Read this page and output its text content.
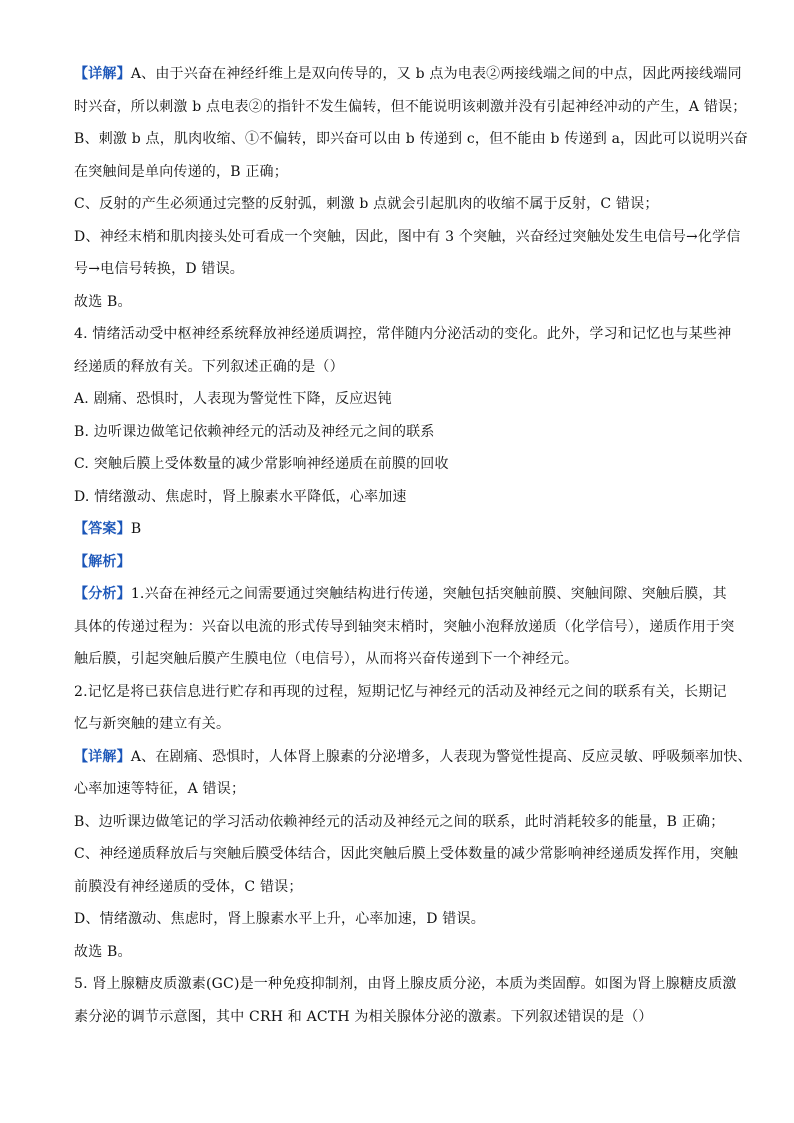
【详解】A、由于兴奋在神经纤维上是双向传导的，又 b 点为电表②两接线端之间的中点，因此两接线端同
时兴奋，所以刺激 b 点电表②的指针不发生偏转，但不能说明该刺激并没有引起神经冲动的产生，A 错误；
B、刺激 b 点，肌肉收缩、①不偏转，即兴奋可以由 b 传递到 c，但不能由 b 传递到 a，因此可以说明兴奋
在突触间是单向传递的，B 正确；
C、反射的产生必须通过完整的反射弧，刺激 b 点就会引起肌肉的收缩不属于反射，C 错误；
D、神经末梢和肌肉接头处可看成一个突触，因此，图中有 3 个突触，兴奋经过突触处发生电信号→化学信
号→电信号转换，D 错误。
故选 B。
4. 情绪活动受中枢神经系统释放神经递质调控，常伴随内分泌活动的变化。此外，学习和记忆也与某些神
经递质的释放有关。下列叙述正确的是（）
A. 剧痛、恐惧时，人表现为警觉性下降，反应迟钝
B. 边听课边做笔记依赖神经元的活动及神经元之间的联系
C. 突触后膜上受体数量的减少常影响神经递质在前膜的回收
D. 情绪激动、焦虑时，肾上腺素水平降低，心率加速
【答案】B
【解析】
【分析】1.兴奋在神经元之间需要通过突触结构进行传递，突触包括突触前膜、突触间隙、突触后膜，其
具体的传递过程为：兴奋以电流的形式传导到轴突末梢时，突触小泡释放递质（化学信号），递质作用于突
触后膜，引起突触后膜产生膜电位（电信号），从而将兴奋传递到下一个神经元。
2.记忆是将已获信息进行贮存和再现的过程，短期记忆与神经元的活动及神经元之间的联系有关，长期记
忆与新突触的建立有关。
【详解】A、在剧痛、恐惧时，人体肾上腺素的分泌增多，人表现为警觉性提高、反应灵敏、呼吸频率加快、
心率加速等特征，A 错误；
B、边听课边做笔记的学习活动依赖神经元的活动及神经元之间的联系，此时消耗较多的能量，B 正确；
C、神经递质释放后与突触后膜受体结合，因此突触后膜上受体数量的减少常影响神经递质发挥作用，突触
前膜没有神经递质的受体，C 错误；
D、情绪激动、焦虑时，肾上腺素水平上升，心率加速，D 错误。
故选 B。
5. 肾上腺糖皮质激素(GC)是一种免疫抑制剂，由肾上腺皮质分泌，本质为类固醇。如图为肾上腺糖皮质激
素分泌的调节示意图，其中 CRH 和 ACTH 为相关腺体分泌的激素。下列叙述错误的是（）
